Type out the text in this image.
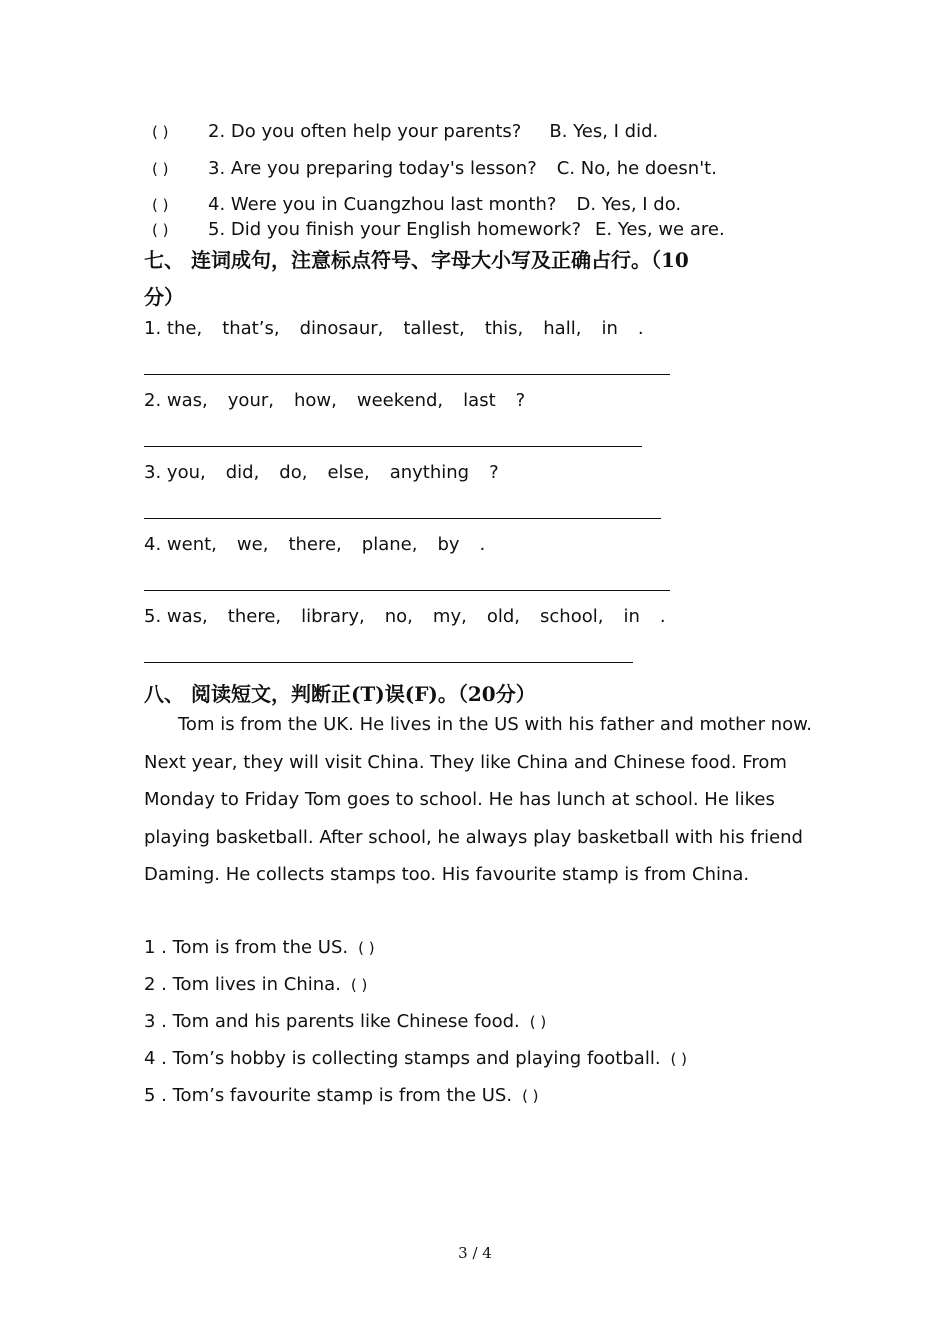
( ) 2. Do you often help your parents? B. Yes, I did.
( ) 3. Are you preparing today's lesson? C. No, he doesn't.
( ) 4. Were you in Cuangzhou last month? D. Yes, I do.
( ) 5. Did you finish your English homework? E. Yes, we are.
七、 连词成句，注意标点符号、字母大小写及正确占行。（10
分）
1. the, that’s, dinosaur, tallest, this, hall, in .
2. was, your, how, weekend, last ?
3. you, did, do, else, anything ?
4. went, we, there, plane, by .
5. was, there, library, no, my, old, school, in .
八、 阅读短文，判断正(T)误(F)。（20分）
Tom is from the UK. He lives in the US with his father and mother now. Next year, they will visit China. They like China and Chinese food. From Monday to Friday Tom goes to school. He has lunch at school. He likes playing basketball. After school, he always play basketball with his friend Daming. He collects stamps too. His favourite stamp is from China.
1 . Tom is from the US. ( )
2 . Tom lives in China. ( )
3 . Tom and his parents like Chinese food. ( )
4 . Tom’s hobby is collecting stamps and playing football. ( )
5 . Tom’s favourite stamp is from the US. ( )
3 / 4
